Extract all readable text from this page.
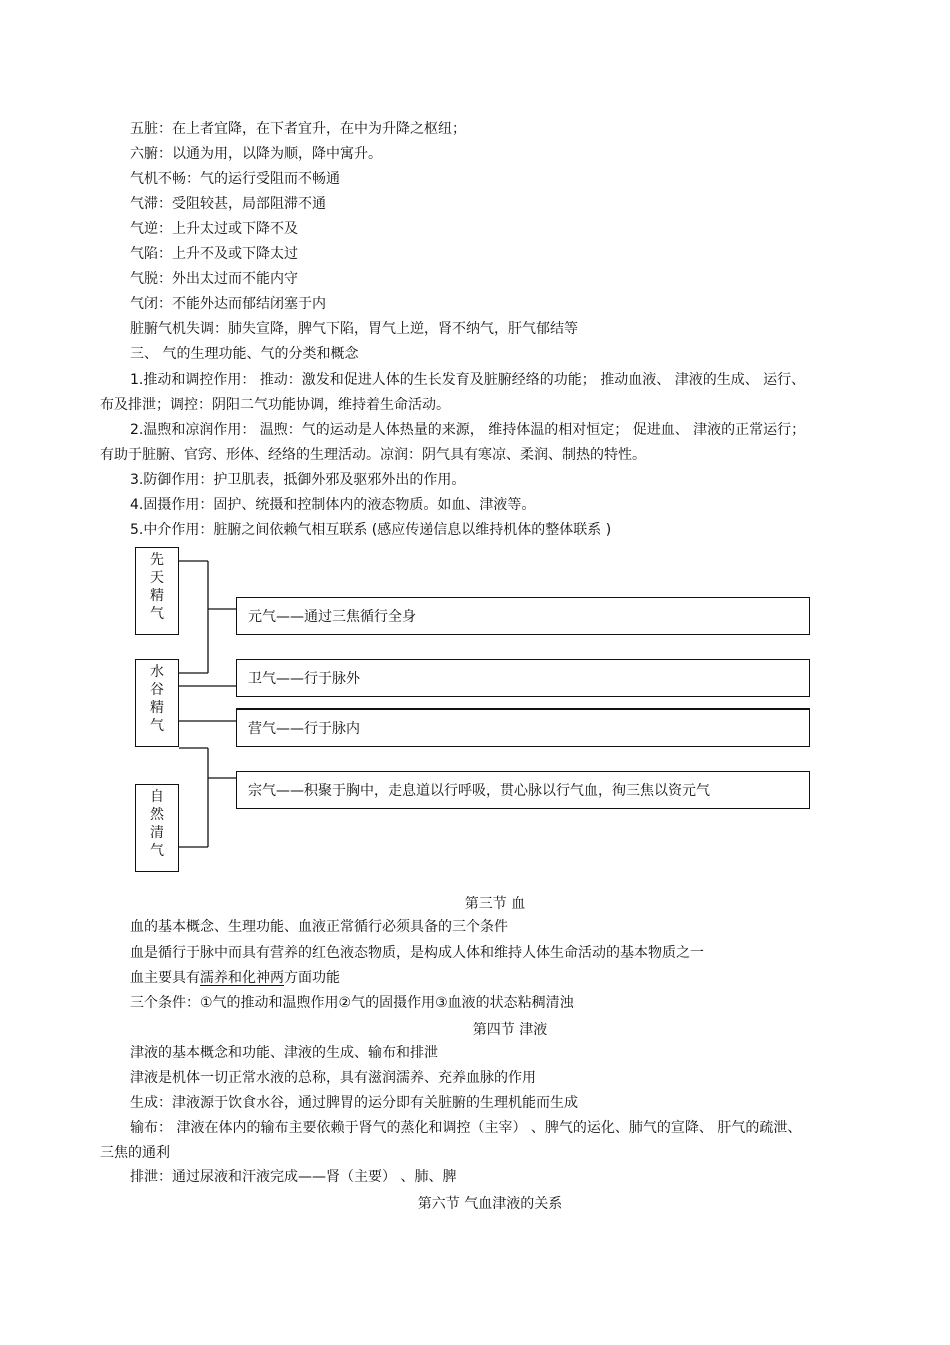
五脏：在上者宜降，在下者宜升，在中为升降之枢纽；
六腑：以通为用，以降为顺，降中寓升。
气机不畅：气的运行受阻而不畅通
气滞：受阻较甚，局部阻滞不通
气逆：上升太过或下降不及
气陷：上升不及或下降太过
气脱：外出太过而不能内守
气闭：不能外达而郁结闭塞于内
脏腑气机失调：肺失宣降，脾气下陷，胃气上逆，肾不纳气，肝气郁结等
三、 气的生理功能、气的分类和概念
1.推动和调控作用： 推动：激发和促进人体的生长发育及脏腑经络的功能； 推动血液、 津液的生成、 运行、
布及排泄；调控：阴阳二气功能协调，维持着生命活动。
2.温煦和凉润作用： 温煦：气的运动是人体热量的来源， 维持体温的相对恒定； 促进血、 津液的正常运行；
有助于脏腑、官窍、形体、经络的生理活动。凉润：阴气具有寒凉、柔润、制热的特性。
3.防御作用：护卫肌表，抵御外邪及驱邪外出的作用。
4.固摄作用：固护、统摄和控制体内的液态物质。如血、津液等。
5.中介作用：脏腑之间依赖气相互联系 (感应传递信息以维持机体的整体联系 )
先
天
精
气
水
谷
精
气
自
然
清
气
元气——通过三焦循行全身
卫气——行于脉外
营气——行于脉内
宗气——积聚于胸中，走息道以行呼吸，贯心脉以行气血，徇三焦以资元气
第三节 血
血的基本概念、生理功能、血液正常循行必须具备的三个条件
血是循行于脉中而具有营养的红色液态物质，是构成人体和维持人体生命活动的基本物质之一
血主要具有濡养和化神两方面功能
三个条件：①气的推动和温煦作用②气的固摄作用③血液的状态粘稠清浊
第四节 津液
津液的基本概念和功能、津液的生成、输布和排泄
津液是机体一切正常水液的总称，具有滋润濡养、充养血脉的作用
生成：津液源于饮食水谷，通过脾胃的运分即有关脏腑的生理机能而生成
输布： 津液在体内的输布主要依赖于肾气的蒸化和调控（主宰） 、脾气的运化、肺气的宣降、 肝气的疏泄、
三焦的通利
排泄：通过尿液和汗液完成——肾（主要） 、肺、脾
第六节 气血津液的关系
